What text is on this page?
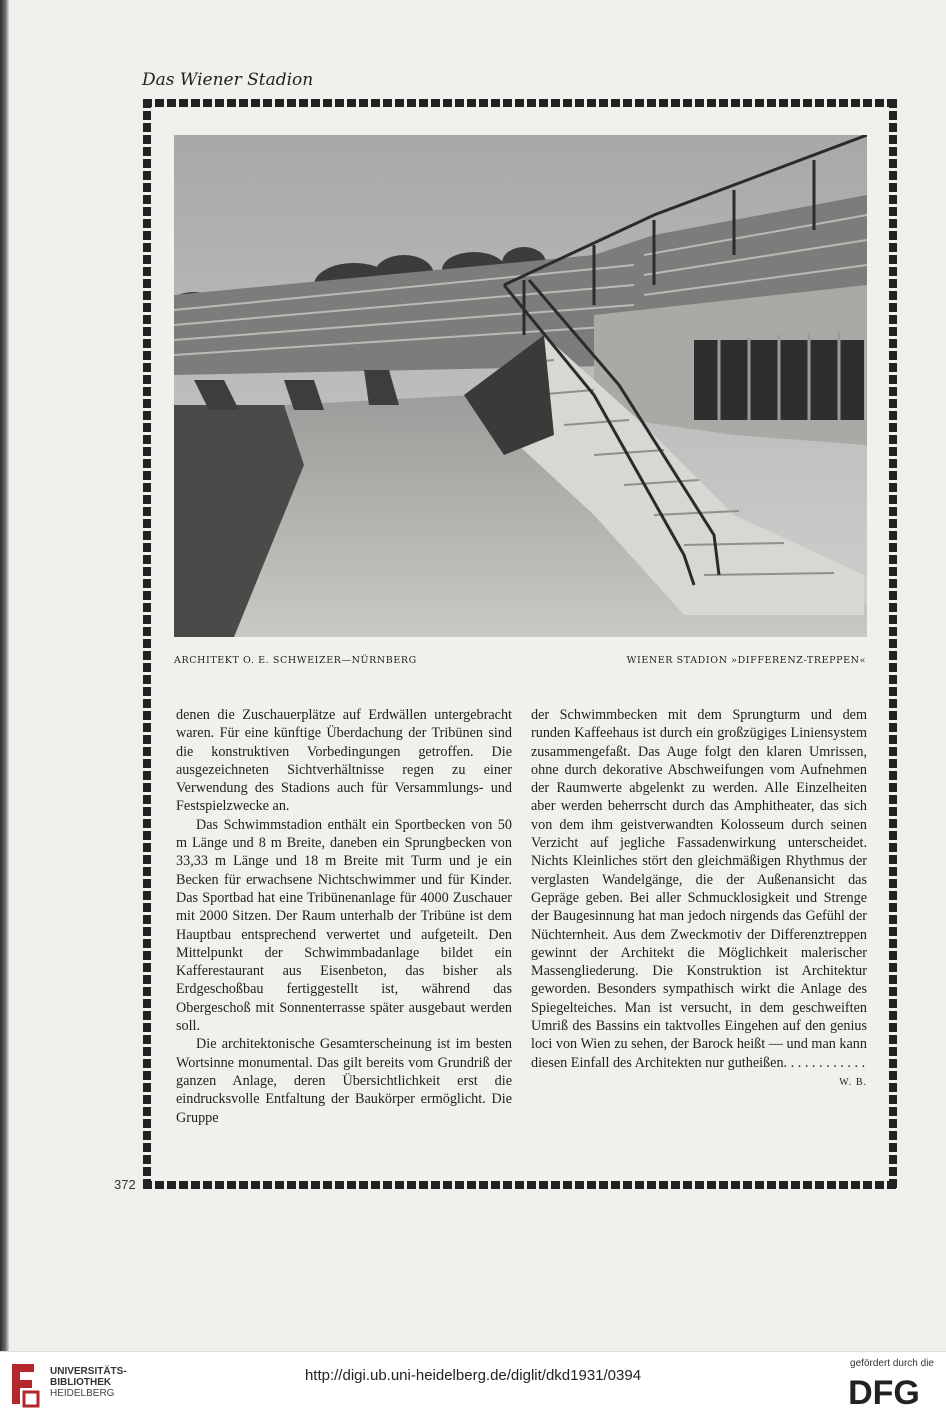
Das Wiener Stadion
ARCHITEKT O. E. SCHWEIZER—NÜRNBERG	WIENER STADION »DIFFERENZ-TREPPEN«

denen die Zuschauerplätze auf Erdwällen untergebracht waren. Für eine künftige Überdachung der Tribünen sind die konstruktiven Vorbedingungen getroffen. Die ausgezeichneten Sichtverhältnisse regen zu einer Verwendung des Stadions auch für Versammlungs- und Festspielzwecke an.

Das Schwimmstadion enthält ein Sportbecken von 50 m Länge und 8 m Breite, daneben ein Sprungbecken von 33,33 m Länge und 18 m Breite mit Turm und je ein Becken für erwachsene Nichtschwimmer und für Kinder. Das Sportbad hat eine Tribünenanlage für 4000 Zuschauer mit 2000 Sitzen. Der Raum unterhalb der Tribüne ist dem Hauptbau entsprechend verwertet und aufgeteilt. Den Mittelpunkt der Schwimmbadanlage bildet ein Kafferestaurant aus Eisenbeton, das bisher als Erdgeschoßbau fertiggestellt ist, während das Obergeschoß mit Sonnenterrasse später ausgebaut werden soll.

Die architektonische Gesamterscheinung ist im besten Wortsinne monumental. Das gilt bereits vom Grundriß der ganzen Anlage, deren Übersichtlichkeit erst die eindrucksvolle Entfaltung der Baukörper ermöglicht. Die Gruppe

der Schwimmbecken mit dem Sprungturm und dem runden Kaffeehaus ist durch ein großzügiges Liniensystem zusammengefaßt. Das Auge folgt den klaren Umrissen, ohne durch dekorative Abschweifungen vom Aufnehmen der Raumwerte abgelenkt zu werden. Alle Einzelheiten aber werden beherrscht durch das Amphitheater, das sich von dem ihm geistverwandten Kolosseum durch seinen Verzicht auf jegliche Fassadenwirkung unterscheidet. Nichts Kleinliches stört den gleichmäßigen Rhythmus der verglasten Wandelgänge, die der Außenansicht das Gepräge geben. Bei aller Schmucklosigkeit und Strenge der Baugesinnung hat man jedoch nirgends das Gefühl der Nüchternheit. Aus dem Zweckmotiv der Differenztreppen gewinnt der Architekt die Möglichkeit malerischer Massengliederung. Die Konstruktion ist Architektur geworden. Besonders sympathisch wirkt die Anlage des Spiegelteiches. Man ist versucht, in dem geschweiften Umriß des Bassins ein taktvolles Eingehen auf den genius loci von Wien zu sehen, der Barock heißt — und man kann diesen Einfall des Architekten nur gutheißen. . . . . . . . . . . .

W. B.
372
UNIVERSITÄTS-
BIBLIOTHEK
HEIDELBERG
http://digi.ub.uni-heidelberg.de/diglit/dkd1931/0394
gefördert durch die
DFG
